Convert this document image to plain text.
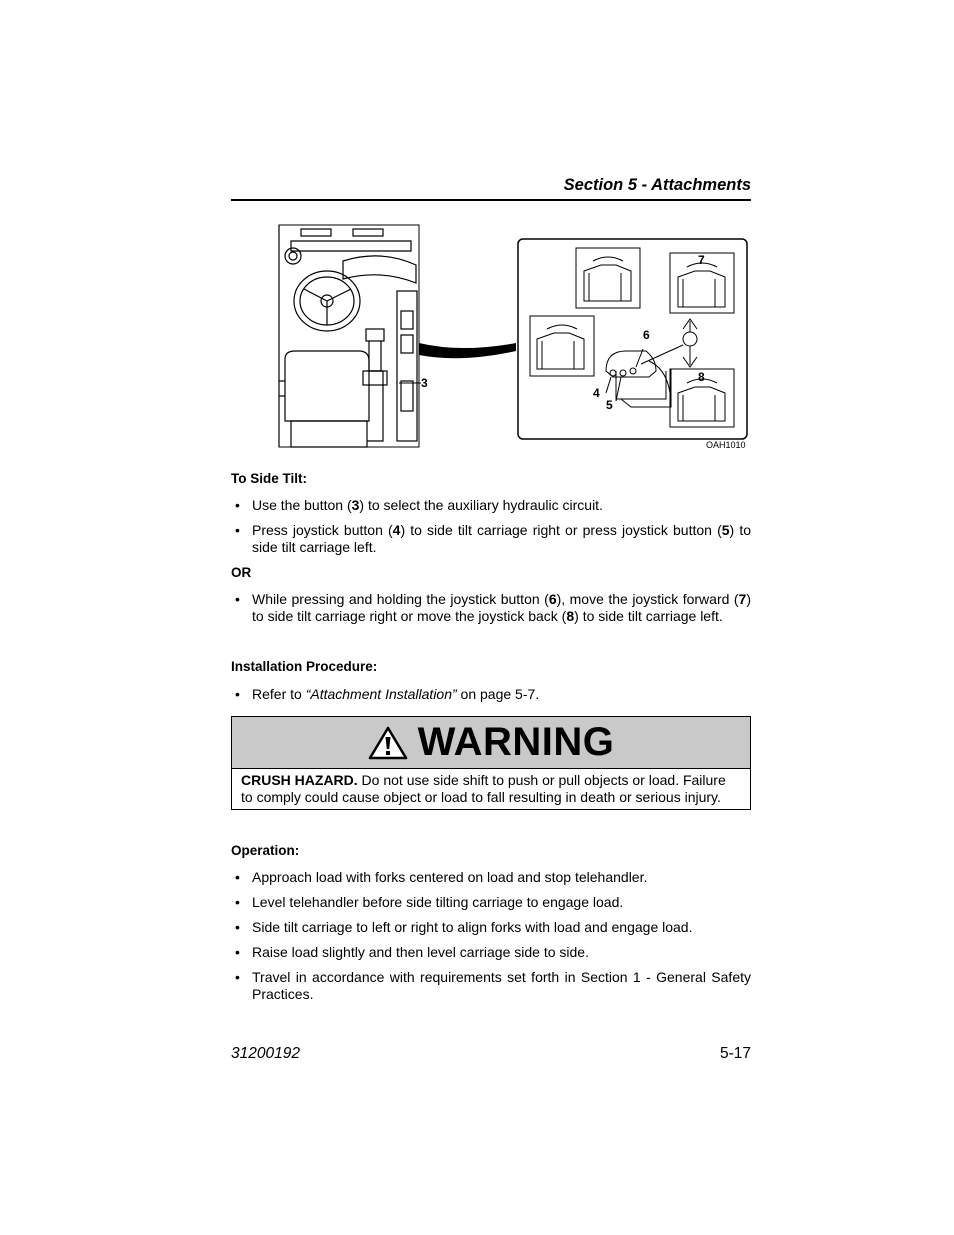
Section 5 - Attachments
3
4
5
6
7
8
OAH1010
To Side Tilt:
• Use the button (3) to select the auxiliary hydraulic circuit.
• Press joystick button (4) to side tilt carriage right or press joystick button (5) to side tilt carriage left.
OR
• While pressing and holding the joystick button (6), move the joystick forward (7) to side tilt carriage right or move the joystick back (8) to side tilt carriage left.
Installation Procedure:
• Refer to “Attachment Installation” on page 5-7.
WARNING
CRUSH HAZARD. Do not use side shift to push or pull objects or load. Failure to comply could cause object or load to fall resulting in death or serious injury.
Operation:
• Approach load with forks centered on load and stop telehandler.
• Level telehandler before side tilting carriage to engage load.
• Side tilt carriage to left or right to align forks with load and engage load.
• Raise load slightly and then level carriage side to side.
• Travel in accordance with requirements set forth in Section 1 - General Safety Practices.
31200192	5-17
